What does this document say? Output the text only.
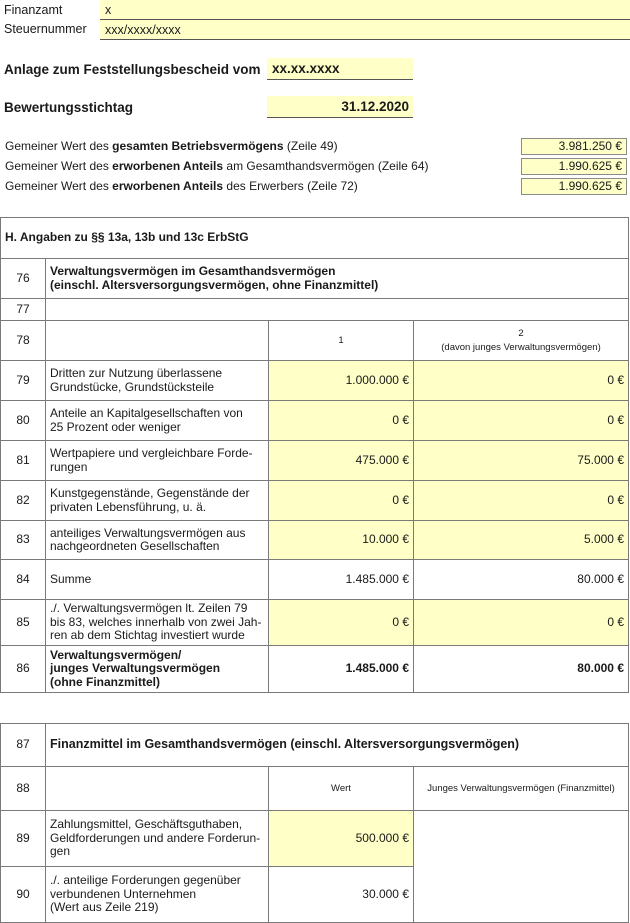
Finanzamt	x
Steuernummer	xxx/xxxx/xxxx
Anlage zum Feststellungsbescheid vom xx.xx.xxxx
Bewertungsstichtag	31.12.2020
Gemeiner Wert des gesamten Betriebsvermögens (Zeile 49)	3.981.250 €
Gemeiner Wert des erworbenen Anteils am Gesamthandsvermögen (Zeile 64)	1.990.625 €
Gemeiner Wert des erworbenen Anteils des Erwerbers (Zeile 72)	1.990.625 €
H. Angaben zu §§ 13a, 13b und 13c ErbStG			
76	Verwaltungsvermögen im Gesamthandsvermögen
(einschl. Altersversorgungsvermögen, ohne Finanzmittel)		

77			
78		1	2
(davon junges Verwaltungsvermögen)

79	Dritten zur Nutzung überlassene
Grundstücke, Grundstücksteile	1.000.000 €	0 €
80	Anteile an Kapitalgesellschaften von
25 Prozent oder weniger	0 €	0 €
81	Wertpapiere und vergleichbare Forde-
rungen	475.000 €	75.000 €
82	Kunstgegenstände, Gegenstände der
privaten Lebensführung, u. ä.	0 €	0 €
83	anteiliges Verwaltungsvermögen aus
nachgeordneten Gesellschaften	10.000 €	5.000 €
84	Summe	1.485.000 €	80.000 €
85	./. Verwaltungsvermögen lt. Zeilen 79
bis 83, welches innerhalb von zwei Jah-
ren ab dem Stichtag investiert wurde	0 €	0 €
86	Verwaltungsvermögen/
junges Verwaltungsvermögen
(ohne Finanzmittel)	1.485.000 €	80.000 €
87	Finanzmittel im Gesamthandsvermögen (einschl. Altersversorgungsvermögen)		
88		Wert	Junges Verwaltungsvermögen (Finanzmittel)
89	Zahlungsmittel, Geschäftsguthaben,
Geldforderungen und andere Forderun-
gen	500.000 €	
90	./. anteilige Forderungen gegenüber
verbundenen Unternehmen
(Wert aus Zeile 219)	30.000 €	
